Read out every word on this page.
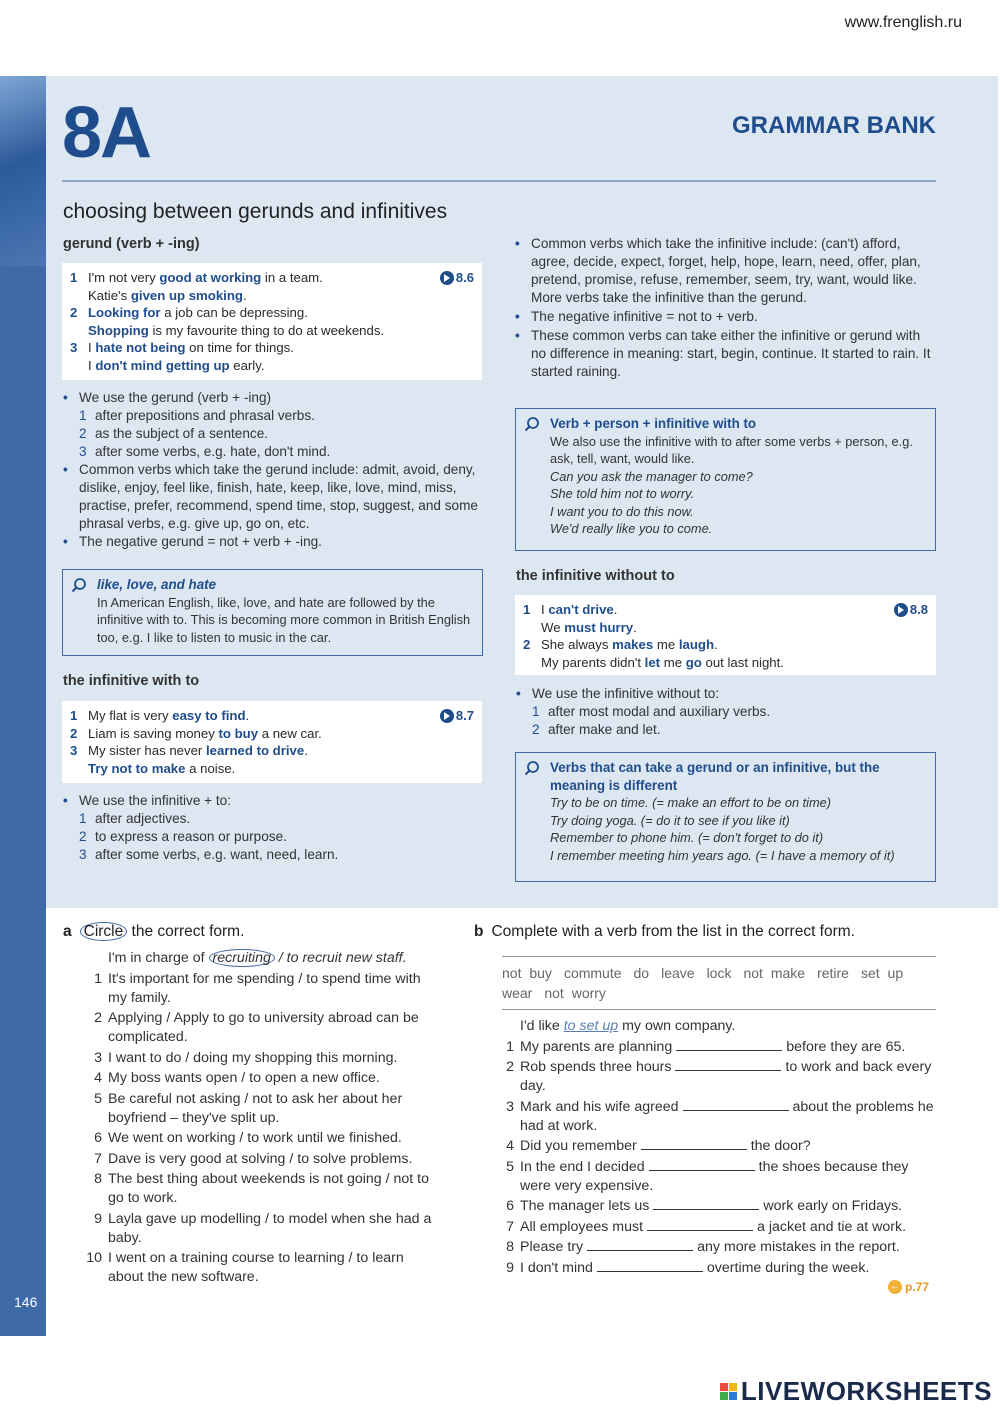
www.frenglish.ru
146
8A	GRAMMAR BANK
choosing between gerunds and infinitives
gerund (verb + -ing)
8.6
1 I'm not very good at working in a team.
Katie's given up smoking.
2 Looking for a job can be depressing.
Shopping is my favourite thing to do at weekends.
3 I hate not being on time for things.
I don't mind getting up early.
• We use the gerund (verb + -ing)
1 after prepositions and phrasal verbs.
2 as the subject of a sentence.
3 after some verbs, e.g. hate, don't mind.
• Common verbs which take the gerund include: admit, avoid, deny, dislike, enjoy, feel like, finish, hate, keep, like, love, mind, miss, practise, prefer, recommend, spend time, stop, suggest, and some phrasal verbs, e.g. give up, go on, etc.
• The negative gerund = not + verb + -ing.
like, love, and hate
In American English, like, love, and hate are followed by the infinitive with to. This is becoming more common in British English too, e.g. I like to listen to music in the car.
the infinitive with to
8.7
1 My flat is very easy to find.
2 Liam is saving money to buy a new car.
3 My sister has never learned to drive.
Try not to make a noise.
• We use the infinitive + to:
1 after adjectives.
2 to express a reason or purpose.
3 after some verbs, e.g. want, need, learn.
• Common verbs which take the infinitive include: (can't) afford, agree, decide, expect, forget, help, hope, learn, need, offer, plan, pretend, promise, refuse, remember, seem, try, want, would like. More verbs take the infinitive than the gerund.
• The negative infinitive = not to + verb.
• These common verbs can take either the infinitive or gerund with no difference in meaning: start, begin, continue. It started to rain. It started raining.
Verb + person + infinitive with to
We also use the infinitive with to after some verbs + person, e.g. ask, tell, want, would like.
Can you ask the manager to come?
She told him not to worry.
I want you to do this now.
We'd really like you to come.
the infinitive without to
8.8
1 I can't drive.
We must hurry.
2 She always makes me laugh.
My parents didn't let me go out last night.
• We use the infinitive without to:
1 after most modal and auxiliary verbs.
2 after make and let.
Verbs that can take a gerund or an infinitive, but the meaning is different
Try to be on time. (= make an effort to be on time)
Try doing yoga. (= do it to see if you like it)
Remember to phone him. (= don't forget to do it)
I remember meeting him years ago. (= I have a memory of it)
a Circle the correct form.
I'm in charge of recruiting / to recruit new staff.
1 It's important for me spending / to spend time with my family.
2 Applying / Apply to go to university abroad can be complicated.
3 I want to do / doing my shopping this morning.
4 My boss wants open / to open a new office.
5 Be careful not asking / not to ask her about her boyfriend – they've split up.
6 We went on working / to work until we finished.
7 Dave is very good at solving / to solve problems.
8 The best thing about weekends is not going / not to go to work.
9 Layla gave up modelling / to model when she had a baby.
10 I went on a training course to learning / to learn about the new software.
b Complete with a verb from the list in the correct form.
not buy commute do leave lock not make retire set upwear not worry
I'd like to set up my own company.
1 My parents are planning	before they are 65.
2 Rob spends three hours	to work and back every day.
3 Mark and his wife agreed	about the problems he had at work.
4 Did you remember	the door?
5 In the end I decided	the shoes because they were very expensive.
6 The manager lets us	work early on Fridays.
7 All employees must	a jacket and tie at work.
8 Please try	any more mistakes in the report.
9 I don't mind	overtime during the week.
← p.77
LIVEWORKSHEETS
